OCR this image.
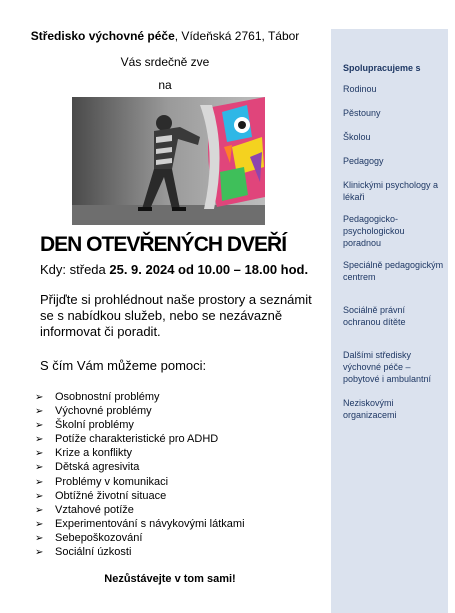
Středisko výchovné péče, Vídeňská 2761, Tábor
Vás srdečně zve
na
DEN OTEVŘENÝCH DVEŘÍ
Kdy: středa 25. 9. 2024 od 10.00 – 18.00 hod.
Přijďte si prohlédnout naše prostory a seznámit se s nabídkou služeb, nebo se nezávazně informovat či poradit.
S čím Vám můžeme pomoci:
➢ Osobnostní problémy
➢ Výchovné problémy
➢ Školní problémy
➢ Potíže charakteristické pro ADHD
➢ Krize a konflikty
➢ Dětská agresivita
➢ Problémy v komunikaci
➢ Obtížné životní situace
➢ Vztahové potíže
➢ Experimentování s návykovými látkami
➢ Sebepoškozování
➢ Sociální úzkosti
Nezůstávejte v tom sami!
Spolupracujeme s
Rodinou
Pěstouny
Školou
Pedagogy
Klinickými psychology a lékaři
Pedagogicko-psychologickou poradnou
Speciálně pedagogickým centrem
Sociálně právní ochranou dítěte
Dalšími středisky výchovné péče – pobytové i ambulantní
Neziskovými organizacemi
